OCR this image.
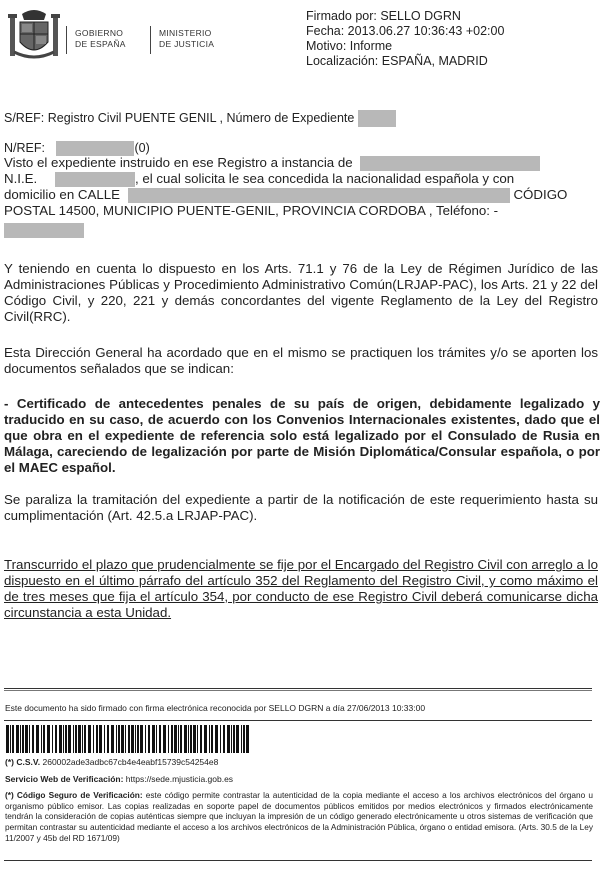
GOBIERNO
DE ESPAÑA
MINISTERIO
DE JUSTICIA
Firmado por: SELLO DGRN
Fecha: 2013.06.27 10:36:43 +02:00
Motivo: Informe
Localización: ESPAÑA, MADRID
S/REF: Registro Civil PUENTE GENIL , Número de Expediente
N/REF:	(0)
Visto el expediente instruido en ese Registro a instancia de
N.I.E.	, el cual solicita le sea concedida la nacionalidad española y con
domicilio en CALLE	CÓDIGO
POSTAL 14500, MUNICIPIO PUENTE-GENIL, PROVINCIA CORDOBA , Teléfono: -
Y teniendo en cuenta lo dispuesto en los Arts. 71.1 y 76 de la Ley de Régimen Jurídico de las Administraciones Públicas y Procedimiento Administrativo Común(LRJAP-PAC), los Arts. 21 y 22 del Código Civil, y 220, 221 y demás concordantes del vigente Reglamento de la Ley del Registro Civil(RRC).
Esta Dirección General ha acordado que en el mismo se practiquen los trámites y/o se aporten los documentos señalados que se indican:
- Certificado de antecedentes penales de su país de origen, debidamente legalizado y traducido en su caso, de acuerdo con los Convenios Internacionales existentes, dado que el que obra en el expediente de referencia solo está legalizado por el Consulado de Rusia en Málaga, careciendo de legalización por parte de Misión Diplomática/Consular española, o por el MAEC español.
Se paraliza la tramitación del expediente a partir de la notificación de este requerimiento hasta su cumplimentación (Art. 42.5.a LRJAP-PAC).
Transcurrido el plazo que prudencialmente se fije por el Encargado del Registro Civil con arreglo a lo dispuesto en el último párrafo del artículo 352 del Reglamento del Registro Civil, y como máximo el de tres meses que fija el artículo 354, por conducto de ese Registro Civil deberá comunicarse dicha circunstancia a esta Unidad.
Este documento ha sido firmado con firma electrónica reconocida por SELLO DGRN a día 27/06/2013 10:33:00
(*) C.S.V. 260002ade3adbc67cb4e4eabf15739c54254e8
Servicio Web de Verificación: https://sede.mjusticia.gob.es
(*) Código Seguro de Verificación: este código permite contrastar la autenticidad de la copia mediante el acceso a los archivos electrónicos del órgano u organismo público emisor. Las copias realizadas en soporte papel de documentos públicos emitidos por medios electrónicos y firmados electrónicamente tendrán la consideración de copias auténticas siempre que incluyan la impresión de un código generado electrónicamente u otros sistemas de verificación que permitan contrastar su autenticidad mediante el acceso a los archivos electrónicos de la Administración Pública, órgano o entidad emisora. (Arts. 30.5 de la Ley 11/2007 y 45b del RD 1671/09)
